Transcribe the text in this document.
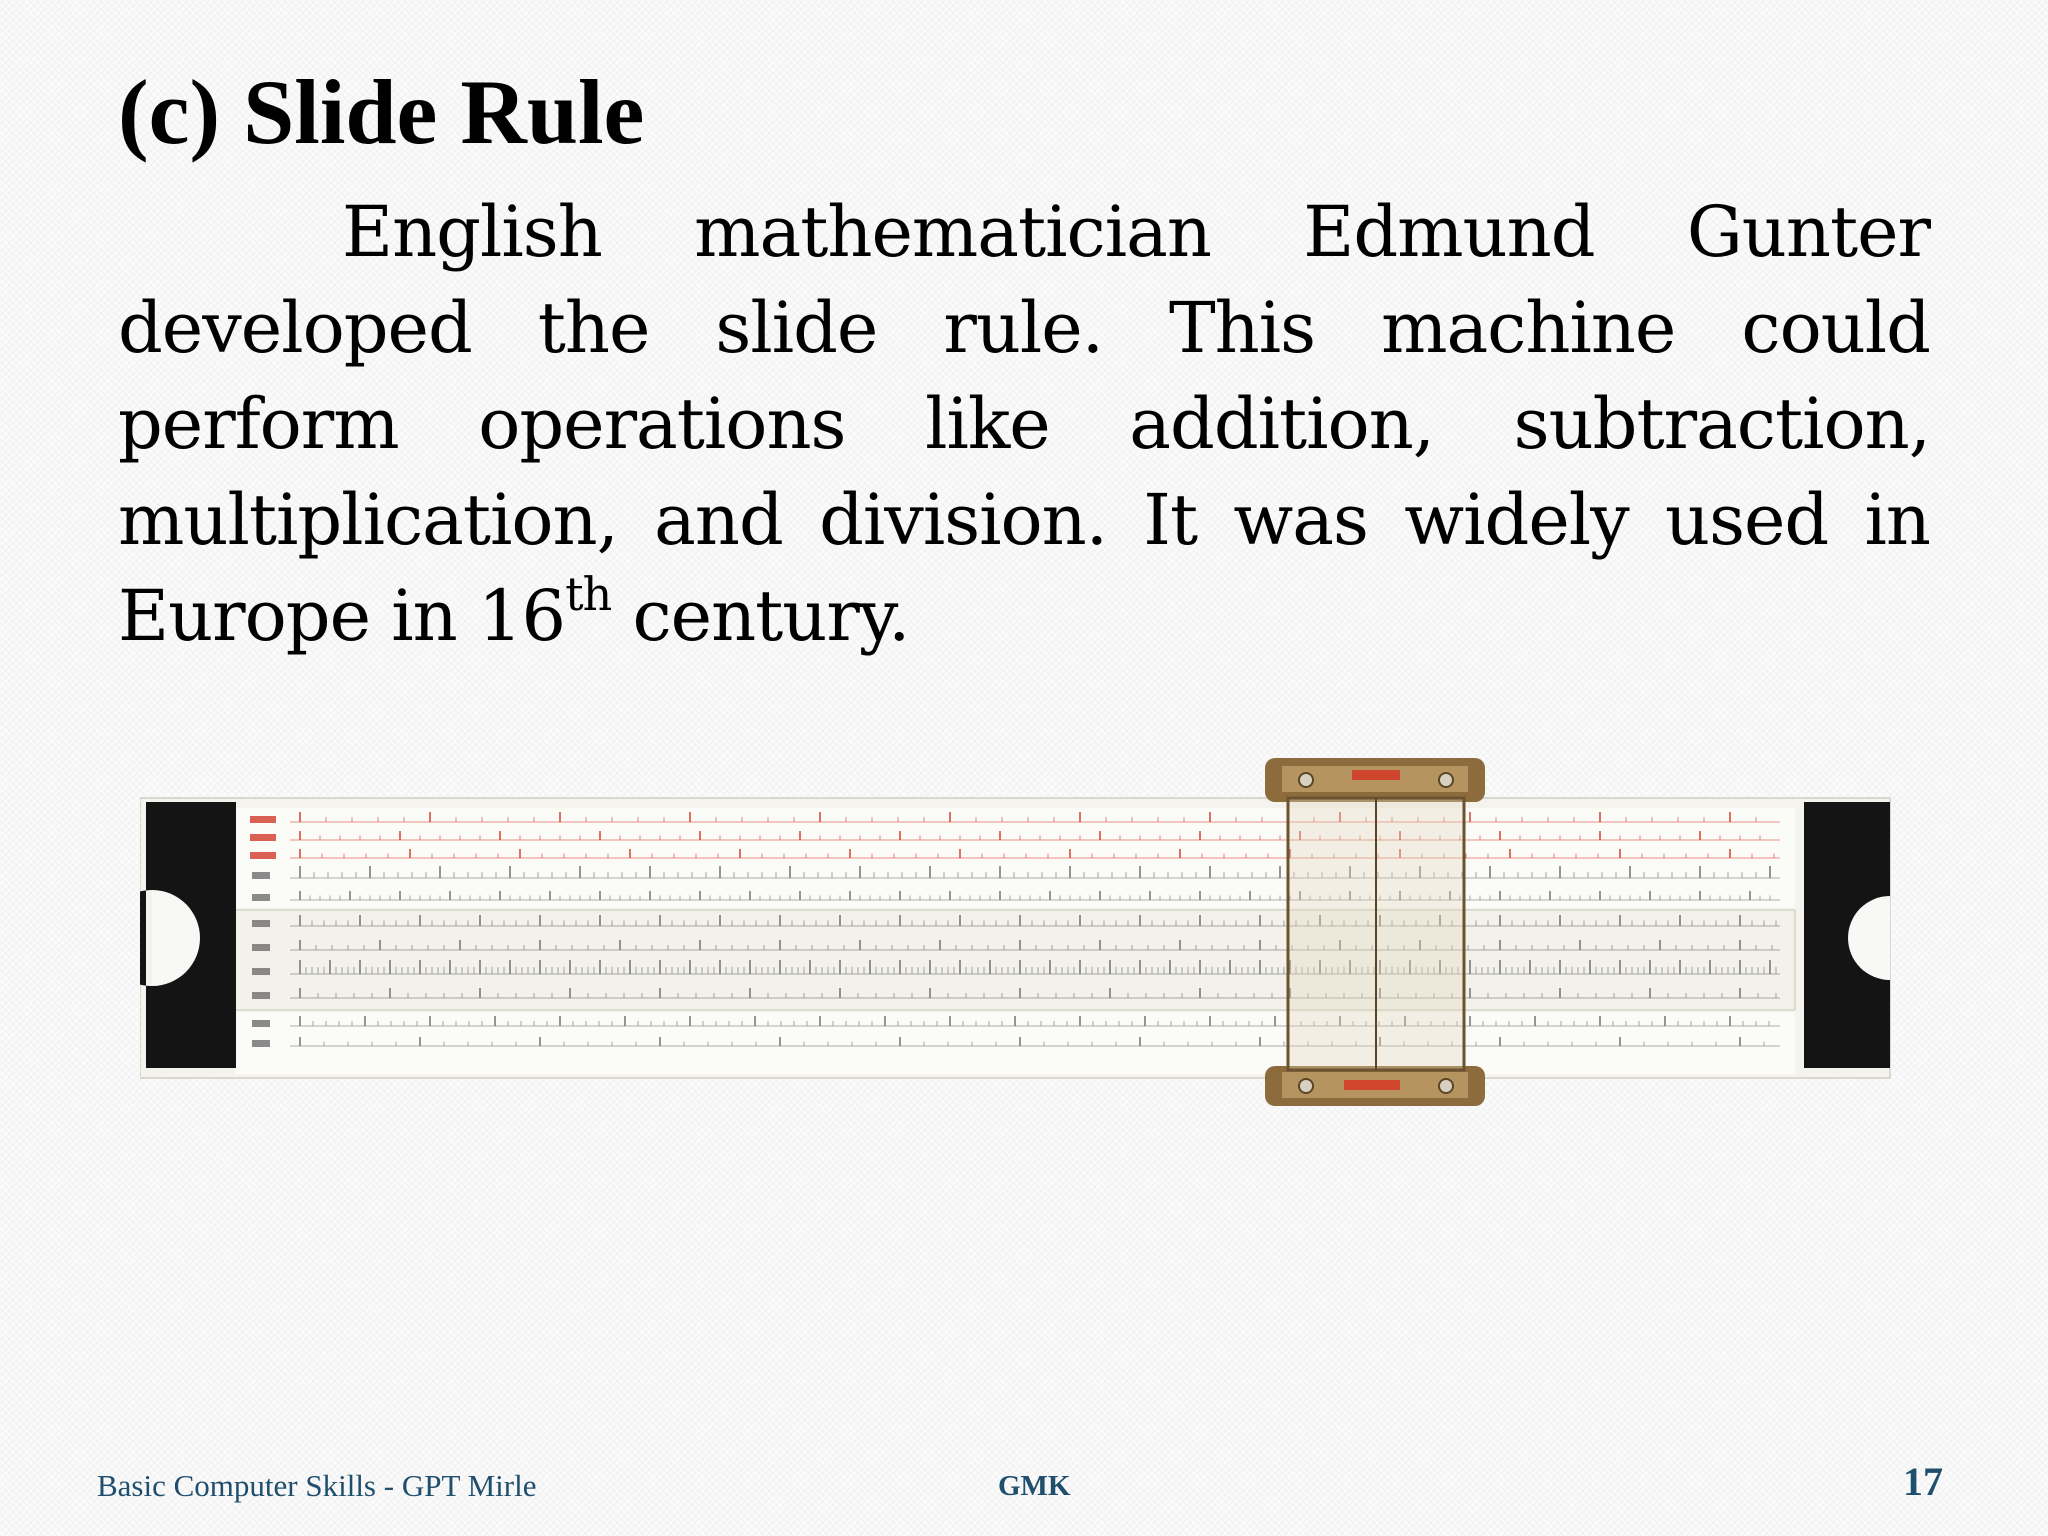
(c) Slide Rule

English mathematician Edmund Gunter developed the slide rule. This machine could perform operations like addition, subtraction, multiplication, and division. It was widely used in Europe in 16th century.

Basic Computer Skills - GPT Mirle	GMK	17
